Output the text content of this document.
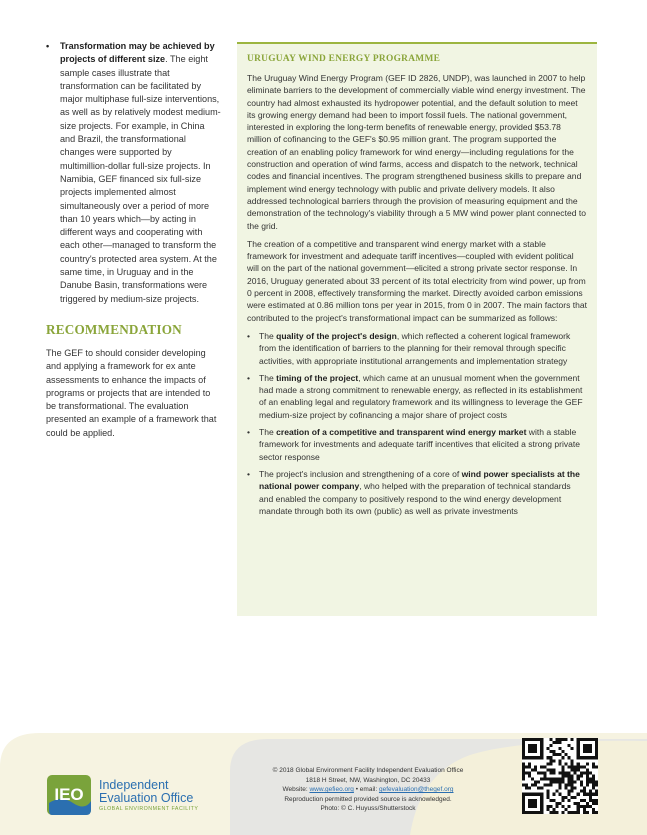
• Transformation may be achieved by projects of different size. The eight sample cases illustrate that transformation can be facilitated by major multiphase full-size interventions, as well as by relatively modest medium-size projects. For example, in China and Brazil, the transformational changes were supported by multimillion-dollar full-size projects. In Namibia, GEF financed six full-size projects implemented almost simultaneously over a period of more than 10 years which—by acting in different ways and cooperating with each other—managed to transform the country's protected area system. At the same time, in Uruguay and in the Danube Basin, transformations were triggered by medium-size projects.

RECOMMENDATION

The GEF to should consider developing and applying a framework for ex ante assessments to enhance the impacts of programs or projects that are intended to be transformational. The evaluation presented an example of a framework that could be applied.

URUGUAY WIND ENERGY PROGRAMME

The Uruguay Wind Energy Program (GEF ID 2826, UNDP), was launched in 2007 to help eliminate barriers to the development of commercially viable wind energy investment. The country had almost exhausted its hydropower potential, and the default solution to meet its growing energy demand had been to import fossil fuels. The national government, interested in exploring the long-term benefits of renewable energy, provided $53.78 million of cofinancing to the GEF's $0.95 million grant. The program supported the creation of an enabling policy framework for wind energy—including regulations for the construction and operation of wind farms, access and dispatch to the network, technical codes and financial incentives. The program strengthened business skills to prepare and implement wind energy technology with public and private delivery models. It also addressed technological barriers through the provision of measuring equipment and the demonstration of the technology's viability through a 5 MW wind power plant connected to the grid.

The creation of a competitive and transparent wind energy market with a stable framework for investment and adequate tariff incentives—coupled with evident political will on the part of the national government—elicited a strong private sector response. In 2016, Uruguay generated about 33 percent of its total electricity from wind power, up from 0 percent in 2008, effectively transforming the market. Directly avoided carbon emissions were estimated at 0.86 million tons per year in 2015, from 0 in 2007. The main factors that contributed to the project's transformational impact can be summarized as follows:

• The quality of the project's design, which reflected a coherent logical framework from the identification of barriers to the planning for their removal through specific activities, with appropriate institutional arrangements and implementation strategy
• The timing of the project, which came at an unusual moment when the government had made a strong commitment to renewable energy, as reflected in its establishment of an enabling legal and regulatory framework and its willingness to leverage the GEF medium-size project by cofinancing a major share of project costs
• The creation of a competitive and transparent wind energy market with a stable framework for investments and adequate tariff incentives that elicited a strong private sector response
• The project's inclusion and strengthening of a core of wind power specialists at the national power company, who helped with the preparation of technical standards and enabled the company to positively respond to the wind energy development mandate through both its own (public) as well as private investments
IEO Independent
Evaluation Office
GLOBAL ENVIRONMENT FACILITY
© 2018 Global Environment Facility Independent Evaluation Office
1818 H Street, NW, Washington, DC 20433
Website: www.gefieo.org • email: gefevaluation@thegef.org
Reproduction permitted provided source is acknowledged.
Photo: © C. Huyuss/Shutterstock
